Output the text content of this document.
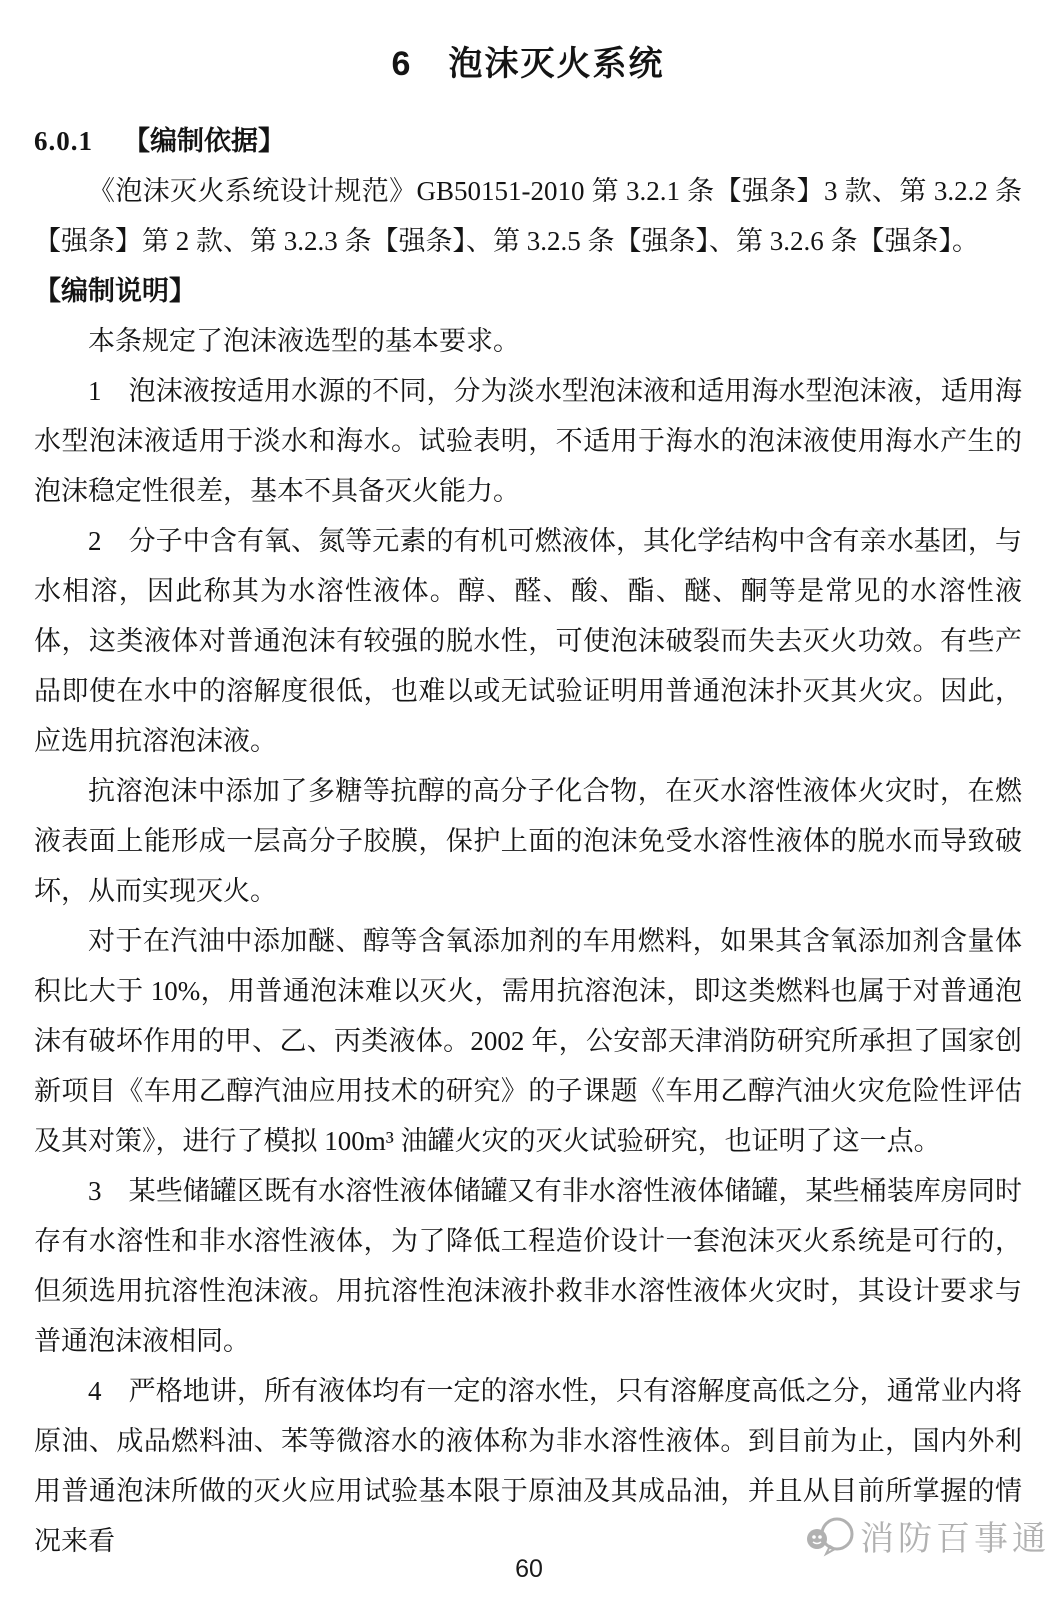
6　泡沫灭火系统

6.0.1 【编制依据】

《泡沫灭火系统设计规范》GB50151-2010 第 3.2.1 条【强条】3 款、第 3.2.2 条【强条】第 2 款、第 3.2.3 条【强条】、第 3.2.5 条【强条】、第 3.2.6 条【强条】。

【编制说明】

本条规定了泡沫液选型的基本要求。

1　泡沫液按适用水源的不同，分为淡水型泡沫液和适用海水型泡沫液，适用海水型泡沫液适用于淡水和海水。试验表明，不适用于海水的泡沫液使用海水产生的泡沫稳定性很差，基本不具备灭火能力。

2　分子中含有氧、氮等元素的有机可燃液体，其化学结构中含有亲水基团，与水相溶，因此称其为水溶性液体。醇、醛、酸、酯、醚、酮等是常见的水溶性液体，这类液体对普通泡沫有较强的脱水性，可使泡沫破裂而失去灭火功效。有些产品即使在水中的溶解度很低，也难以或无试验证明用普通泡沫扑灭其火灾。因此，应选用抗溶泡沫液。

抗溶泡沫中添加了多糖等抗醇的高分子化合物，在灭水溶性液体火灾时，在燃液表面上能形成一层高分子胶膜，保护上面的泡沫免受水溶性液体的脱水而导致破坏，从而实现灭火。

对于在汽油中添加醚、醇等含氧添加剂的车用燃料，如果其含氧添加剂含量体积比大于 10%，用普通泡沫难以灭火，需用抗溶泡沫，即这类燃料也属于对普通泡沫有破坏作用的甲、乙、丙类液体。2002 年，公安部天津消防研究所承担了国家创新项目《车用乙醇汽油应用技术的研究》的子课题《车用乙醇汽油火灾危险性评估及其对策》，进行了模拟 100m³ 油罐火灾的灭火试验研究，也证明了这一点。

3　某些储罐区既有水溶性液体储罐又有非水溶性液体储罐，某些桶装库房同时存有水溶性和非水溶性液体，为了降低工程造价设计一套泡沫灭火系统是可行的，但须选用抗溶性泡沫液。用抗溶性泡沫液扑救非水溶性液体火灾时，其设计要求与普通泡沫液相同。

4　严格地讲，所有液体均有一定的溶水性，只有溶解度高低之分，通常业内将原油、成品燃料油、苯等微溶水的液体称为非水溶性液体。到目前为止，国内外利用普通泡沫所做的灭火应用试验基本限于原油及其成品油，并且从目前所掌握的情况来看	消防百事通
60
